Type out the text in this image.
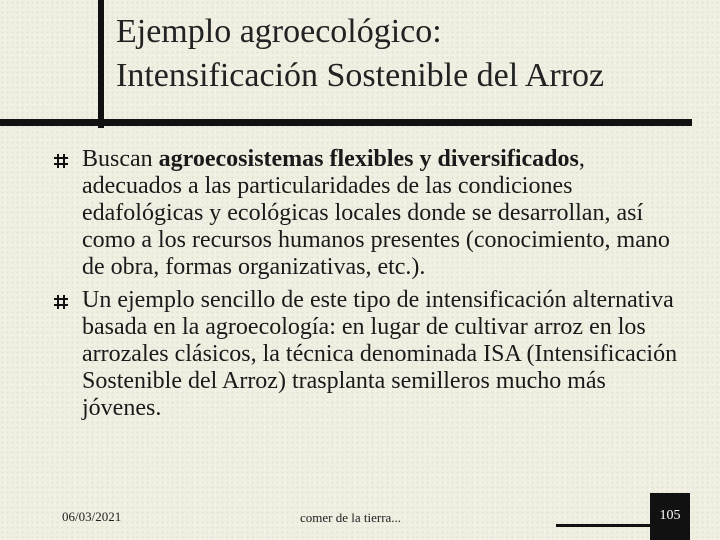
Ejemplo agroecológico:
Intensificación Sostenible del Arroz
Buscan agroecosistemas flexibles y diversificados, adecuados a las particularidades de las condiciones edafológicas y ecológicas locales donde se desarrollan, así como a los recursos humanos presentes (conocimiento, mano de obra, formas organizativas, etc.).
Un ejemplo sencillo de este tipo de intensificación alternativa basada en la agroecología: en lugar de cultivar arroz en los arrozales clásicos, la técnica denominada ISA (Intensificación Sostenible del Arroz) trasplanta semilleros mucho más jóvenes.
06/03/2021	comer de la tierra...	105
